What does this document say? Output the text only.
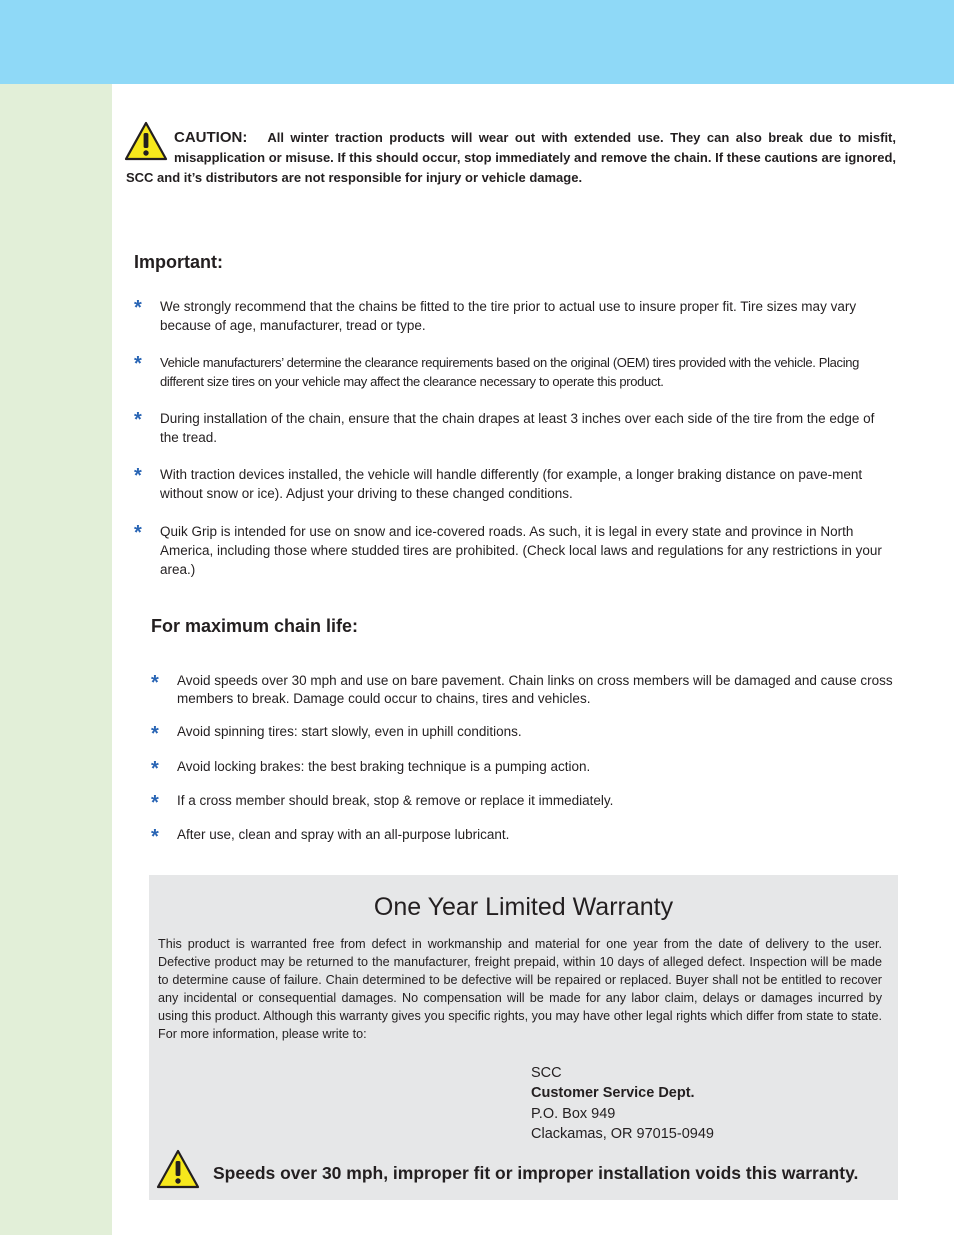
CAUTION: All winter traction products will wear out with extended use. They can also break due to misfit, misapplication or misuse. If this should occur, stop immediately and remove the chain. If these cautions are ignored, SCC and it’s distributors are not responsible for injury or vehicle damage.
Important:
* We strongly recommend that the chains be fitted to the tire prior to actual use to insure proper fit. Tire sizes may vary because of age, manufacturer, tread or type.
* Vehicle manufacturers’ determine the clearance requirements based on the original (OEM) tires provided with the vehicle. Placing different size tires on your vehicle may affect the clearance necessary to operate this product.
* During installation of the chain, ensure that the chain drapes at least 3 inches over each side of the tire from the edge of the tread.
* With traction devices installed, the vehicle will handle differently (for example, a longer braking distance on pave-ment without snow or ice). Adjust your driving to these changed conditions.
* Quik Grip is intended for use on snow and ice-covered roads. As such, it is legal in every state and province in North America, including those where studded tires are prohibited. (Check local laws and regulations for any restrictions in your area.)
For maximum chain life:
* Avoid speeds over 30 mph and use on bare pavement. Chain links on cross members will be damaged and cause cross members to break. Damage could occur to chains, tires and vehicles.
* Avoid spinning tires: start slowly, even in uphill conditions.
* Avoid locking brakes: the best braking technique is a pumping action.
* If a cross member should break, stop & remove or replace it immediately.
* After use, clean and spray with an all-purpose lubricant.
One Year Limited Warranty

This product is warranted free from defect in workmanship and material for one year from the date of delivery to the user. Defective product may be returned to the manufacturer, freight prepaid, within 10 days of alleged defect. Inspection will be made to determine cause of failure. Chain determined to be defective will be repaired or replaced. Buyer shall not be entitled to recover any incidental or consequential damages. No compensation will be made for any labor claim, delays or damages incurred by using this product. Although this warranty gives you specific rights, you may have other legal rights which differ from state to state. For more information, please write to:

SCC
Customer Service Dept.
P.O. Box 949
Clackamas, OR 97015-0949
Speeds over 30 mph, improper fit or improper installation voids this warranty.
